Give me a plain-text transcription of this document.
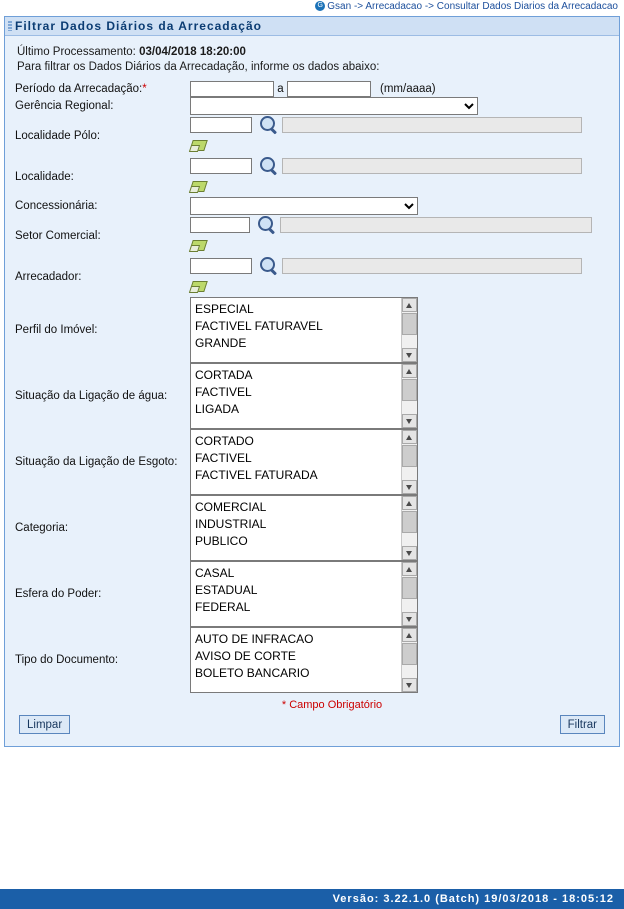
G Gsan -> Arrecadacao -> Consultar Dados Diarios da Arrecadacao
Filtrar Dados Diários da Arrecadação
Último Processamento: 03/04/2018 18:20:00
Para filtrar os Dados Diários da Arrecadação, informe os dados abaixo:
Período da Arrecadação:*	a (mm/aaaa)
Gerência Regional:	

Localidade Pólo:	

Localidade:	

Concessionária:	

Setor Comercial:	

Arrecadador:	

Perfil do Imóvel:	ESPECIAL
FACTIVEL FATURAVEL
GRANDE

Situação da Ligação de água:	CORTADA
FACTIVEL
LIGADA

Situação da Ligação de Esgoto:	CORTADO
FACTIVEL
FACTIVEL FATURADA

Categoria:	COMERCIAL
INDUSTRIAL
PUBLICO

Esfera do Poder:	CASAL
ESTADUAL
FEDERAL

Tipo do Documento:	AUTO DE INFRACAO
AVISO DE CORTE
BOLETO BANCARIO
* Campo Obrigatório
Limpar	Filtrar
Versão: 3.22.1.0 (Batch) 19/03/2018 - 18:05:12
